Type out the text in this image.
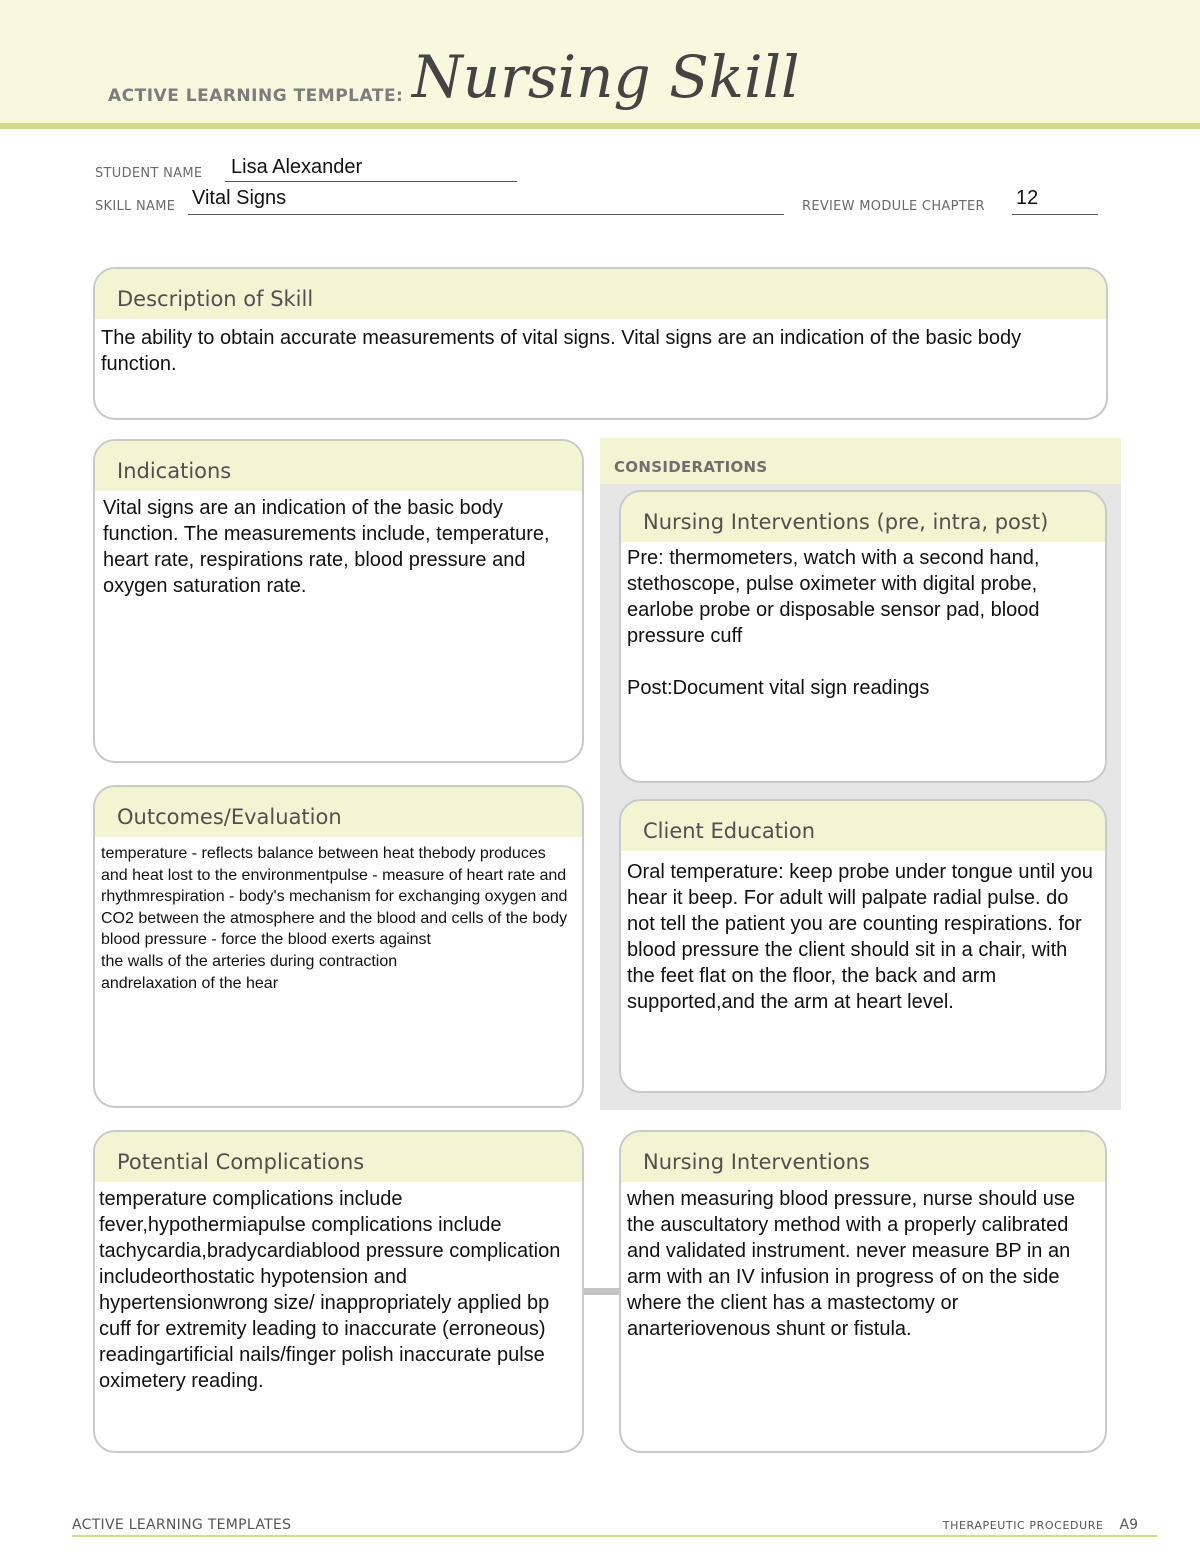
ACTIVE LEARNING TEMPLATE: Nursing Skill
STUDENT NAME Lisa Alexander
SKILL NAME Vital Signs	REVIEW MODULE CHAPTER 12
Description of Skill
The ability to obtain accurate measurements of vital signs. Vital signs are an indication of the basic body function.
CONSIDERATIONS
Indications
Vital signs are an indication of the basic body function. The measurements include, temperature, heart rate, respirations rate, blood pressure and oxygen saturation rate.
Nursing Interventions (pre, intra, post)
Pre: thermometers, watch with a second hand, stethoscope, pulse oximeter with digital probe, earlobe probe or disposable sensor pad, blood pressure cuff

Post:Document vital sign readings
Outcomes/Evaluation
temperature - reflects balance between heat thebody produces and heat lost to the environmentpulse - measure of heart rate and rhythmrespiration - body's mechanism for exchanging oxygen and CO2 between the atmosphere and the blood and cells of the body blood pressure - force the blood exerts against
the walls of the arteries during contraction
andrelaxation of the hear
Client Education
Oral temperature: keep probe under tongue until you hear it beep. For adult will palpate radial pulse. do not tell the patient you are counting respirations. for blood pressure the client should sit in a chair, with the feet flat on the floor, the back and arm supported,and the arm at heart level.
Potential Complications
temperature complications include fever,hypothermiapulse complications include tachycardia,bradycardiablood pressure complication includeorthostatic hypotension and hypertensionwrong size/ inappropriately applied bp cuff for extremity leading to inaccurate (erroneous) readingartificial nails/finger polish inaccurate pulse oximetery reading.
Nursing Interventions
when measuring blood pressure, nurse should use the auscultatory method with a properly calibrated and validated instrument. never measure BP in an arm with an IV infusion in progress of on the side where the client has a mastectomy or anarteriovenous shunt or fistula.
ACTIVE LEARNING TEMPLATES	THERAPEUTIC PROCEDURE A9
